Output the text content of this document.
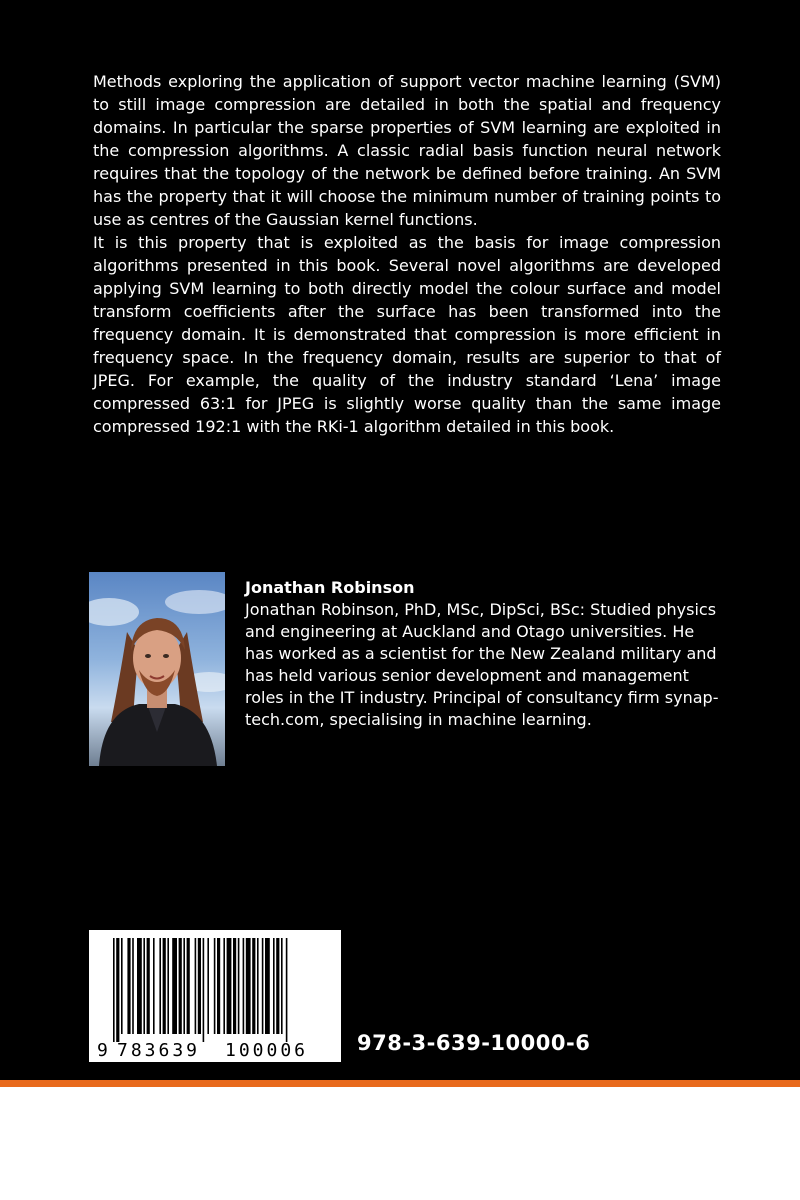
Methods exploring the application of support vector machine learning (SVM) to still image compression are detailed in both the spatial and frequency domains. In particular the sparse properties of SVM learning are exploited in the compression algorithms. A classic radial basis function neural network requires that the topology of the network be defined before training. An SVM has the property that it will choose the minimum number of training points to use as centres of the Gaussian kernel functions.

It is this property that is exploited as the basis for image compression algorithms presented in this book. Several novel algorithms are developed applying SVM learning to both directly model the colour surface and model transform coefficients after the surface has been transformed into the frequency domain. It is demonstrated that compression is more efficient in frequency space. In the frequency domain, results are superior to that of JPEG. For example, the quality of the industry standard ‘Lena’ image compressed 63:1 for JPEG is slightly worse quality than the same image compressed 192:1 with the RKi-1 algorithm detailed in this book.

Jonathan Robinson

Jonathan Robinson, PhD, MSc, DipSci, BSc: Studied physics and engineering at Auckland and Otago universities. He has worked as a scientist for the New Zealand military and has held various senior development and management roles in the IT industry. Principal of consultancy firm synap-tech.com, specialising in machine learning.

9 783639 100006 978-3-639-10000-6
